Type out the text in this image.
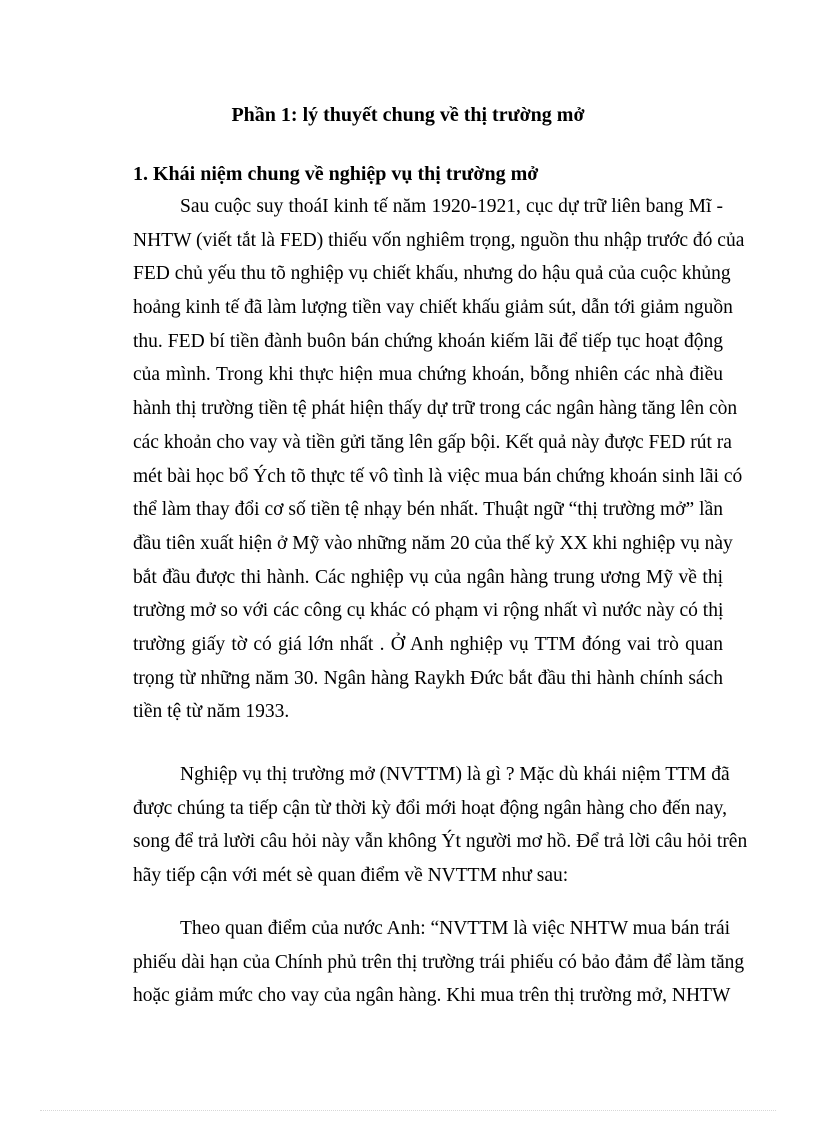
Phần 1: lý thuyết chung về thị trường mở
1. Khái niệm chung về nghiệp vụ thị trường mở
Sau cuộc suy thoáI kinh tế năm 1920-1921, cục dự trữ liên bang Mĩ -
NHTW (viết tắt là FED) thiếu vốn nghiêm trọng, nguồn thu nhập trước đó của
FED chủ yếu thu tõ nghiệp vụ chiết khấu, nhưng do hậu quả của cuộc khủng
hoảng kinh tế đã làm lượng tiền vay chiết khấu giảm sút, dẫn tới giảm nguồn
thu. FED bí tiền đành buôn bán chứng khoán kiếm lãi để tiếp tục hoạt động
của mình. Trong khi thực hiện mua chứng khoán, bỗng nhiên các nhà điều
hành thị trường tiền tệ phát hiện thấy dự trữ trong các ngân hàng tăng lên còn
các khoản cho vay và tiền gửi tăng lên gấp bội. Kết quả này được FED rút ra
mét bài học bổ Ých tõ thực tế vô tình là việc mua bán chứng khoán sinh lãi có
thể làm thay đổi cơ số tiền tệ nhạy bén nhất. Thuật ngữ “thị trường mở” lần
đầu tiên xuất hiện ở Mỹ vào những năm 20 của thế kỷ XX khi nghiệp vụ này
bắt đầu được thi hành. Các nghiệp vụ của ngân hàng trung ương Mỹ về thị
trường mở so với các công cụ khác có phạm vi rộng nhất vì nước này có thị
trường giấy tờ có giá lớn nhất . Ở Anh nghiệp vụ TTM đóng vai trò quan
trọng từ những năm 30. Ngân hàng Raykh Đức bắt đầu thi hành chính sách
tiền tệ từ năm 1933.
Nghiệp vụ thị trường mở (NVTTM) là gì ? Mặc dù khái niệm TTM đã
được chúng ta tiếp cận từ thời kỳ đổi mới hoạt động ngân hàng cho đến nay,
song để trả lười câu hỏi này vẫn không Ýt người mơ hồ. Để trả lời câu hỏi trên
hãy tiếp cận với mét sè quan điểm về NVTTM như sau:
Theo quan điểm của nước Anh: “NVTTM là việc NHTW mua bán trái
phiếu dài hạn của Chính phủ trên thị trường trái phiếu có bảo đảm để làm tăng
hoặc giảm mức cho vay của ngân hàng. Khi mua trên thị trường mở, NHTW
